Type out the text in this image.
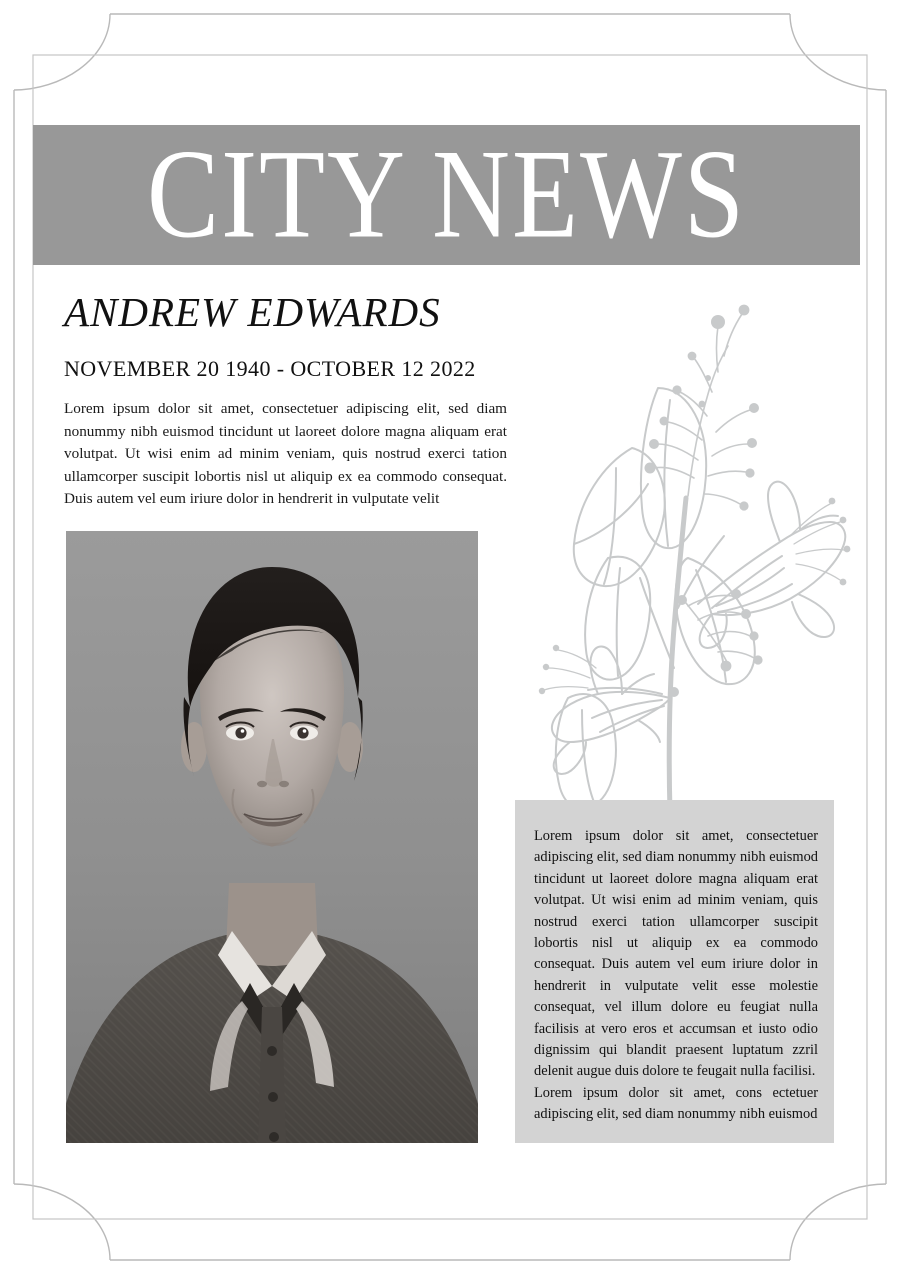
CITY NEWS
ANDREW EDWARDS
NOVEMBER 20 1940 - OCTOBER 12 2022
Lorem ipsum dolor sit amet, consectetuer adipiscing elit, sed diam nonummy nibh euismod tincidunt ut laoreet dolore magna aliquam erat volutpat. Ut wisi enim ad minim veniam, quis nostrud exerci tation ullamcorper suscipit lobortis nisl ut aliquip ex ea commodo consequat. Duis autem vel eum iriure dolor in hendrerit in vulputate velit

Lorem ipsum dolor sit amet, consectetuer adipiscing elit, sed diam nonummy nibh euismod tincidunt ut laoreet dolore magna aliquam erat volutpat. Ut wisi enim ad minim veniam, quis nostrud exerci tation ullamcorper suscipit lobortis nisl ut aliquip ex ea commodo consequat. Duis autem vel eum iriure dolor in hendrerit in vulputate velit esse molestie consequat, vel illum dolore eu feugiat nulla facilisis at vero eros et accumsan et iusto odio dignissim qui blandit praesent luptatum zzril delenit augue duis dolore te feugait nulla facilisi.

Lorem ipsum dolor sit amet, cons ectetuer adipiscing elit, sed diam nonummy nibh euismod
